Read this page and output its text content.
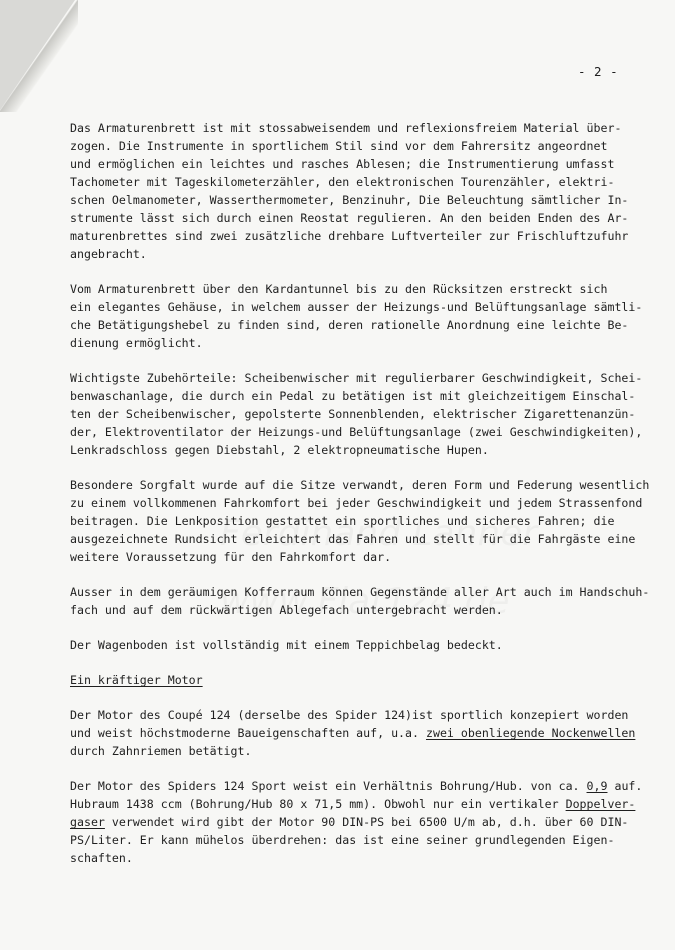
- 2 -
Das Armaturenbrett ist mit stossabweisendem und reflexionsfreiem Material über-
zogen. Die Instrumente in sportlichem Stil sind vor dem Fahrersitz angeordnet
und ermöglichen ein leichtes und rasches Ablesen; die Instrumentierung umfasst
Tachometer mit Tageskilometerzähler, den elektronischen Tourenzähler, elektri-
schen Oelmanometer, Wasserthermometer, Benzinuhr, Die Beleuchtung sämtlicher In-
strumente lässt sich durch einen Reostat regulieren. An den beiden Enden des Ar-
maturenbrettes sind zwei zusätzliche drehbare Luftverteiler zur Frischluftzufuhr
angebracht.
Vom Armaturenbrett über den Kardantunnel bis zu den Rücksitzen erstreckt sich
ein elegantes Gehäuse, in welchem ausser der Heizungs-und Belüftungsanlage sämtli-
che Betätigungshebel zu finden sind, deren rationelle Anordnung eine leichte Be-
dienung ermöglicht.
Wichtigste Zubehörteile: Scheibenwischer mit regulierbarer Geschwindigkeit, Schei-
benwaschanlage, die durch ein Pedal zu betätigen ist mit gleichzeitigem Einschal-
ten der Scheibenwischer, gepolsterte Sonnenblenden, elektrischer Zigarettenanzün-
der, Elektroventilator der Heizungs-und Belüftungsanlage (zwei Geschwindigkeiten),
Lenkradschloss gegen Diebstahl, 2 elektropneumatische Hupen.
Besondere Sorgfalt wurde auf die Sitze verwandt, deren Form und Federung wesentlich
zu einem vollkommenen Fahrkomfort bei jeder Geschwindigkeit und jedem Strassenfond
beitragen. Die Lenkposition gestattet ein sportliches und sicheres Fahren; die
ausgezeichnete Rundsicht erleichtert das Fahren und stellt für die Fahrgäste eine
weitere Voraussetzung für den Fahrkomfort dar.
Ausser in dem geräumigen Kofferraum können Gegenstände aller Art auch im Handschuh-
fach und auf dem rückwärtigen Ablegefach untergebracht werden.
Der Wagenboden ist vollständig mit einem Teppichbelag bedeckt.
Ein kräftiger Motor
Der Motor des Coupé 124 (derselbe des Spider 124)ist sportlich konzepiert worden
und weist höchstmoderne Baueigenschaften auf, u.a. zwei obenliegende Nockenwellen
durch Zahnriemen betätigt.
Der Motor des Spiders 124 Sport weist ein Verhältnis Bohrung/Hub. von ca. 0,9 auf.
Hubraum 1438 ccm (Bohrung/Hub 80 x 71,5 mm). Obwohl nur ein vertikaler Doppelver-
gaser verwendet wird gibt der Motor 90 DIN-PS bei 6500 U/m ab, d.h. über 60 DIN-
PS/Liter. Er kann mühelos überdrehen: das ist eine seiner grundlegenden Eigen-
schaften.
